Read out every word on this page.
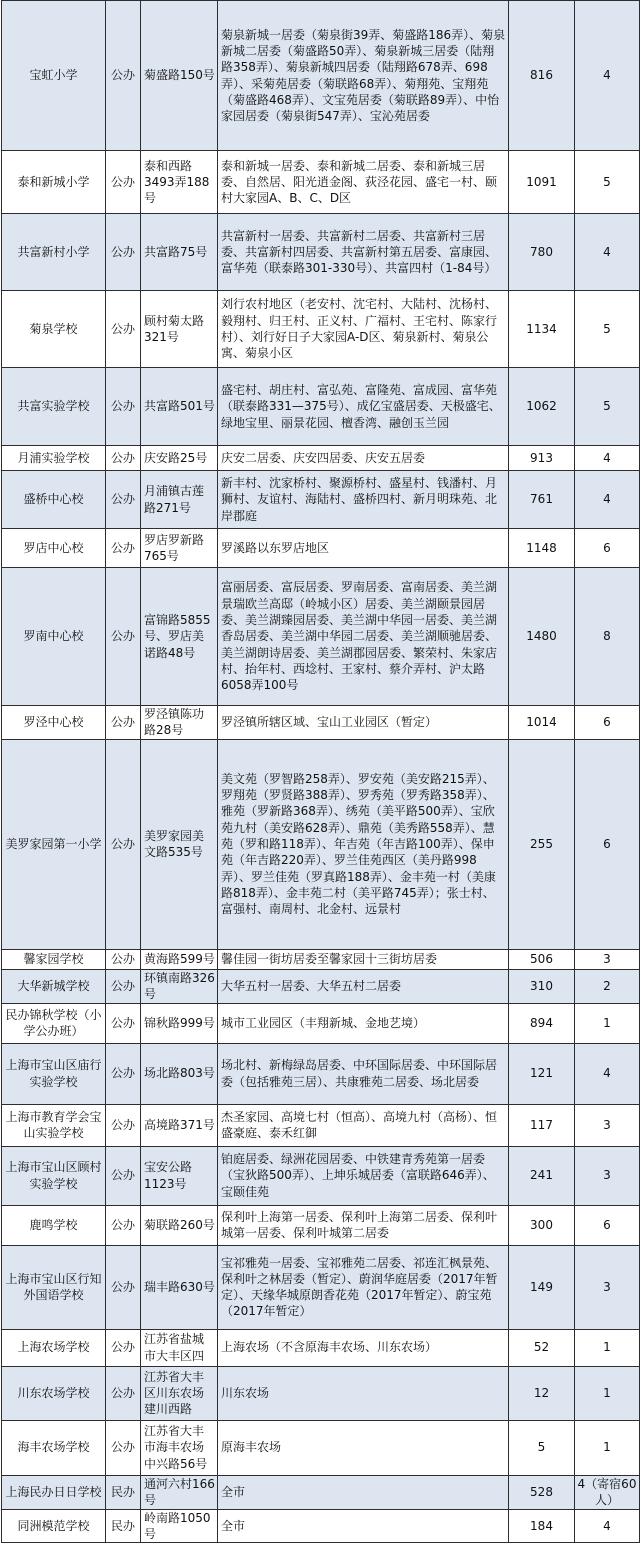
宝虹小学	公办	菊盛路150号	菊泉新城一居委（菊泉街39弄、菊盛路186弄）、菊泉新城二居委（菊盛路50弄）、菊泉新城三居委（陆翔路358弄）、菊泉新城四居委（陆翔路678弄、698弄）、采菊苑居委（菊联路68弄）、菊翔苑、宝翔苑（菊盛路468弄）、文宝苑居委（菊联路89弄）、中怡家园居委（菊泉街547弄）、宝沁苑居委	816	4
泰和新城小学	公办	泰和西路3493弄188号	泰和新城一居委、泰和新城二居委、泰和新城三居委、自然居、阳光逍金阁、荻泾花园、盛宅一村、颐村大家园A、B、C、D区	1091	5
共富新村小学	公办	共富路75号	共富新村一居委、共富新村二居委、共富新村三居委、共富新村四居委、共富新村第五居委、富康园、富华苑（联泰路301-330号）、共富四村（1-84号）	780	4
菊泉学校	公办	顾村菊太路321号	刘行农村地区（老安村、沈宅村、大陆村、沈杨村、毅翔村、归王村、正义村、广福村、王宅村、陈家行村）、刘行好日子大家园A-D区、菊泉新村、菊泉公寓、菊泉小区	1134	5
共富实验学校	公办	共富路501号	盛宅村、胡庄村、富弘苑、富隆苑、富成园、富华苑（联泰路331—375号）、成亿宝盛居委、天极盛宅、绿地宝里、丽景花园、檀香湾、融创玉兰园	1062	5
月浦实验学校	公办	庆安路25号	庆安二居委、庆安四居委、庆安五居委	913	4
盛桥中心校	公办	月浦镇古莲路271号	新丰村、沈家桥村、聚源桥村、盛星村、钱潘村、月狮村、友谊村、海陆村、盛桥四村、新月明珠苑、北岸郡庭	761	4
罗店中心校	公办	罗店罗新路765号	罗溪路以东罗店地区	1148	6
罗南中心校	公办	富锦路5855号、罗店美诺路48号	富丽居委、富辰居委、罗南居委、富南居委、美兰湖景瑞欧兰高邸（岭城小区）居委、美兰湖颐景园居委、美兰湖臻园居委、美兰湖中华园一居委、美兰湖香岛居委、美兰湖中华园二居委、美兰湖顺驰居委、美兰湖朗诗居委、美兰湖郡园居委、繁荣村、朱家店村、抬年村、西埝村、王家村、蔡介弄村、沪太路6058弄100号	1480	8
罗泾中心校	公办	罗泾镇陈功路28号	罗泾镇所辖区域、宝山工业园区（暂定）	1014	6
美罗家园第一小学	公办	美罗家园美文路535号	美文苑（罗智路258弄）、罗安苑（美安路215弄）、罗翔苑（罗贤路388弄）、罗秀苑（罗秀路358弄）、雅苑（罗新路368弄）、绣苑（美平路500弄）、宝欣苑九村（美安路628弄）、鼎苑（美秀路558弄）、慧苑（罗和路118弄）、年吉苑（年吉路100弄）、保申苑（年吉路220弄）、罗兰佳苑西区（美丹路998弄）、罗兰佳苑（罗真路188弄）、金丰苑一村（美康路818弄）、金丰苑二村（美平路745弄）；张士村、富强村、南周村、北金村、远景村	255	6
馨家园学校	公办	黄海路599号	馨佳园一街坊居委至馨家园十三街坊居委	506	3
大华新城学校	公办	环镇南路326号	大华五村一居委、大华五村二居委	310	2
民办锦秋学校（小学公办班）	公办	锦秋路999号	城市工业园区（丰翔新城、金地艺境）	894	1
上海市宝山区庙行实验学校	公办	场北路803号	场北村、新梅绿岛居委、中环国际居委、中环国际居委（包括雅苑三居）、共康雅苑二居委、场北居委	121	4
上海市教育学会宝山实验学校	公办	高境路371号	杰圣家园、高境七村（恒高）、高境九村（高杨）、恒盛豪庭、泰禾红御	117	3
上海市宝山区顾村实验学校	公办	宝安公路1123号	铂庭居委、绿洲花园居委、中铁建青秀苑第一居委（宝狄路500弄）、上坤乐城居委（富联路646弄）、宝颐佳苑	241	3
鹿鸣学校	公办	菊联路260号	保利叶上海第一居委、保利叶上海第二居委、保利叶城第一居委、保利叶城第二居委	300	6
上海市宝山区行知外国语学校	公办	瑞丰路630号	宝祁雅苑一居委、宝祁雅苑二居委、祁连汇枫景苑、保利叶之林居委（暂定）、蔚润华庭居委（2017年暂定）、天缘华城原朗香花苑（2017年暂定）、蔚宝苑（2017年暂定）	149	3
上海农场学校	公办	江苏省盐城市大丰区四	上海农场（不含原海丰农场、川东农场）	52	1
川东农场学校	公办	江苏省大丰区川东农场建川西路	川东农场	12	1
海丰农场学校	公办	江苏省大丰市海丰农场中兴路56号	原海丰农场	5	1
上海民办日日学校	民办	通河六村166号	全市	528	4（寄宿60人）
同洲模范学校	民办	岭南路1050号	全市	184	4
